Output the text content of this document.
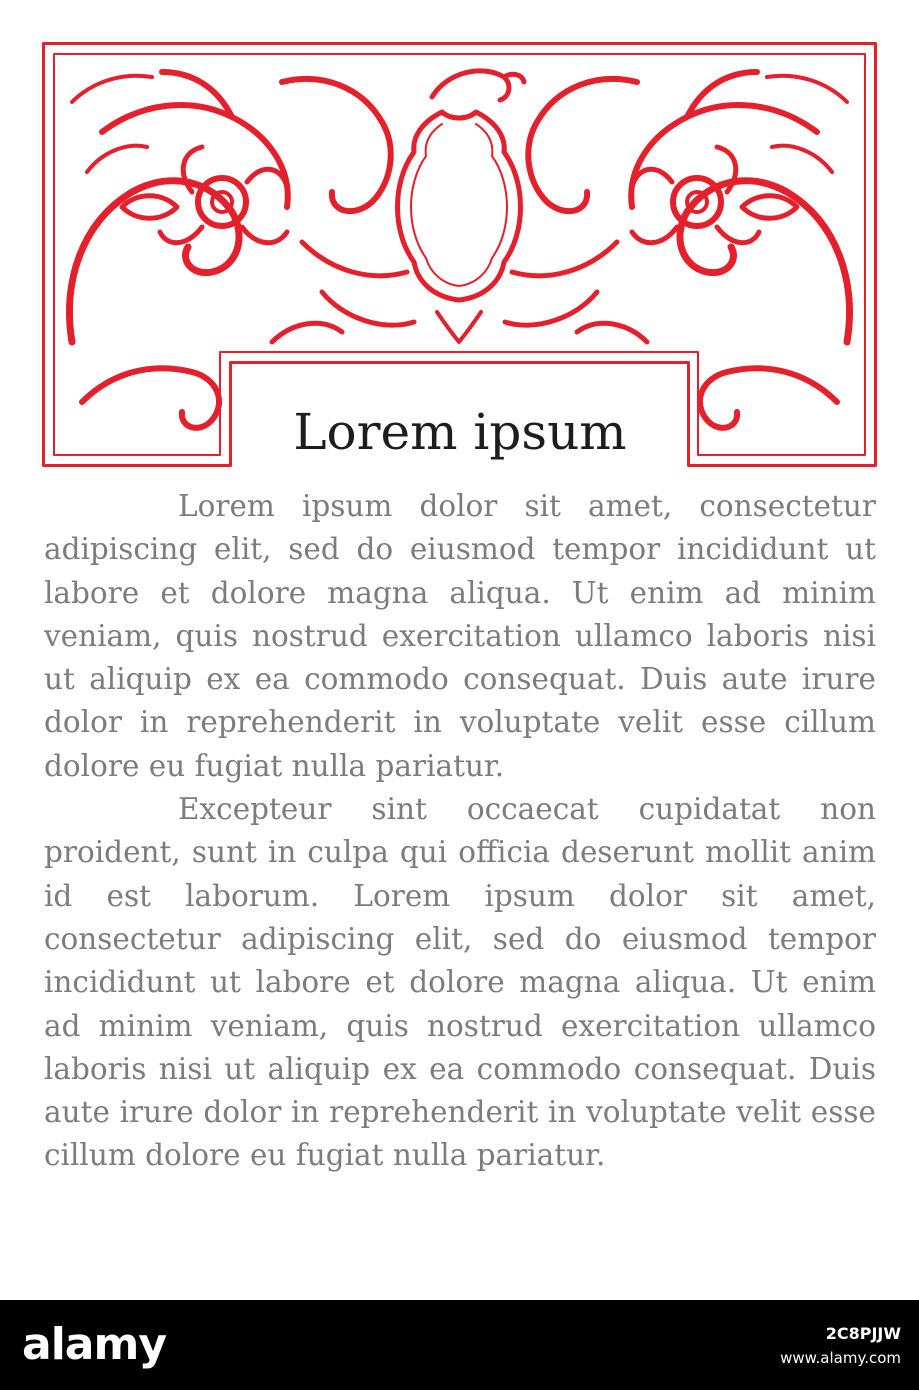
Lorem ipsum

Lorem ipsum dolor sit amet, consectetur adipiscing elit, sed do eiusmod tempor incididunt ut labore et dolore magna aliqua. Ut enim ad minim veniam, quis nostrud exercitation ullamco laboris nisi ut aliquip ex ea commodo consequat. Duis aute irure dolor in reprehenderit in voluptate velit esse cillum dolore eu fugiat nulla pariatur.

Excepteur sint occaecat cupidatat non proident, sunt in culpa qui officia deserunt mollit anim id est laborum. Lorem ipsum dolor sit amet, consectetur adipiscing elit, sed do eiusmod tempor incididunt ut labore et dolore magna aliqua. Ut enim ad minim veniam, quis nostrud exercitation ullamco laboris nisi ut aliquip ex ea commodo consequat. Duis aute irure dolor in reprehenderit in voluptate velit esse cillum dolore eu fugiat nulla pariatur.

alamy	2C8PJJW
www.alamy.com
